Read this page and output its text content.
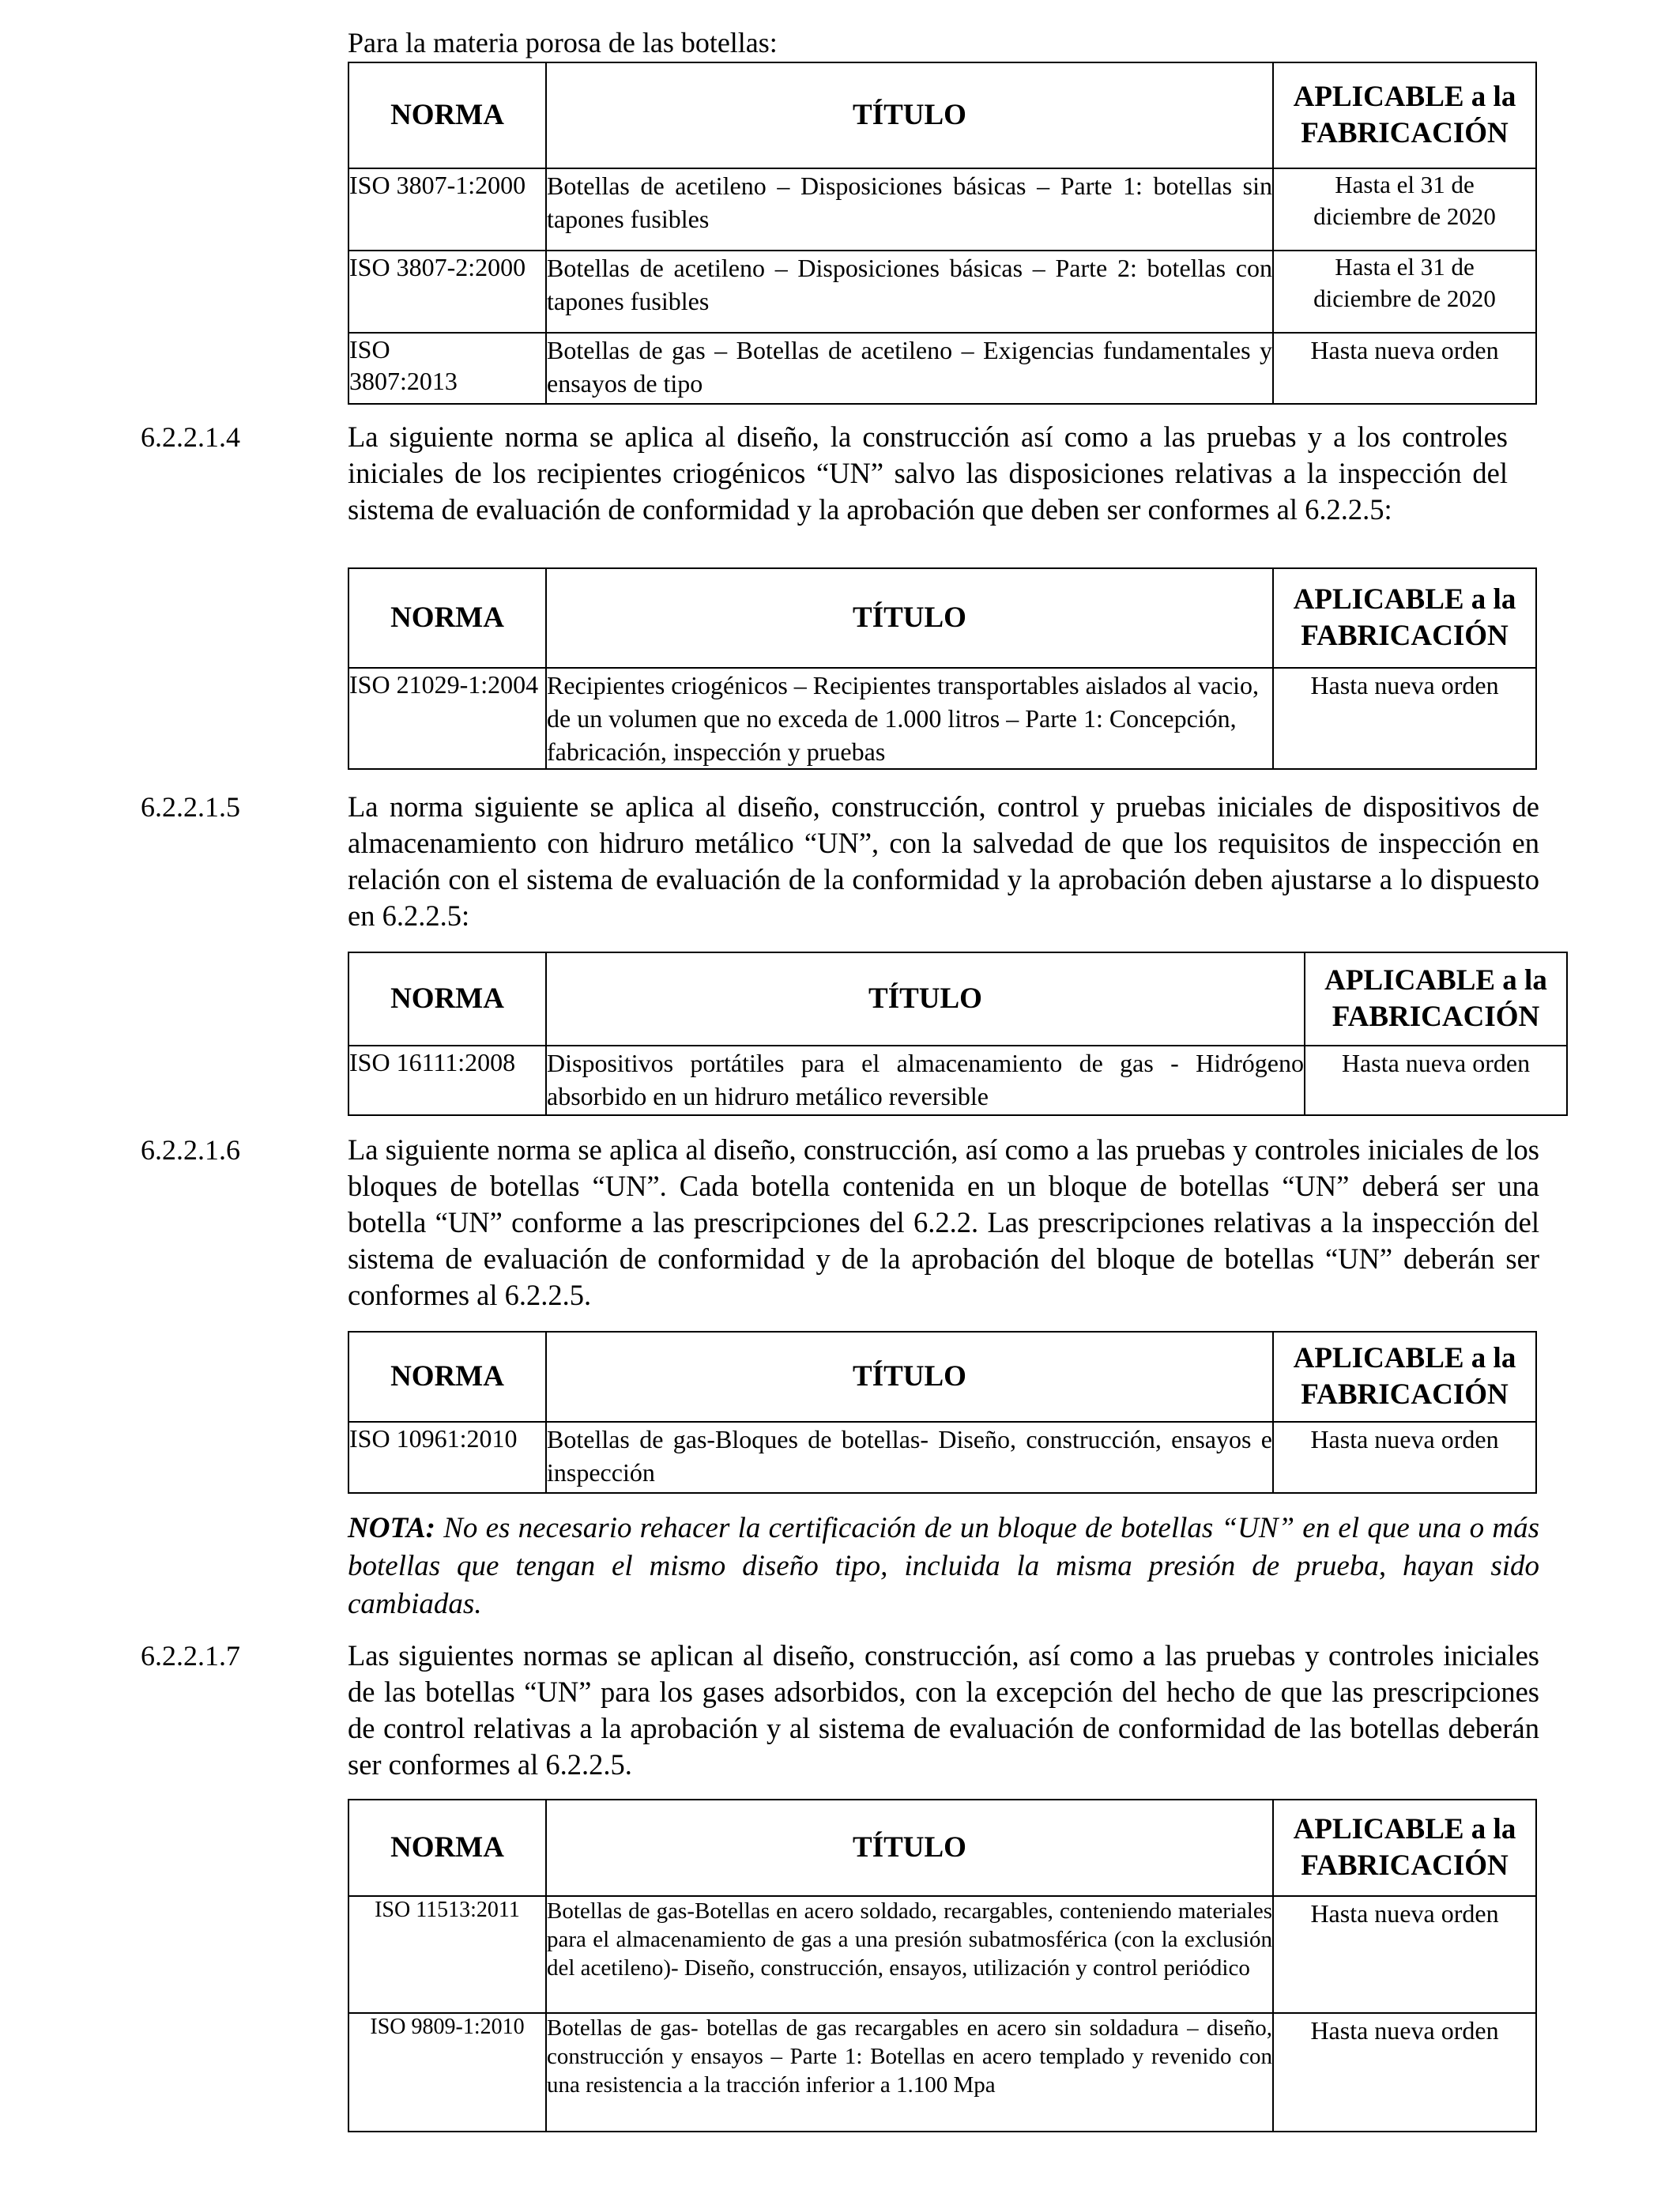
Para la materia porosa de las botellas:
NORMA	TÍTULO	APLICABLE a la
FABRICACIÓN
ISO 3807-1:2000	Botellas de acetileno – Disposiciones básicas – Parte 1: botellas sin tapones fusibles	Hasta el 31 de
diciembre de 2020
ISO 3807-2:2000	Botellas de acetileno – Disposiciones básicas – Parte 2: botellas con tapones fusibles	Hasta el 31 de
diciembre de 2020
ISO
3807:2013	Botellas de gas – Botellas de acetileno – Exigencias fundamentales y ensayos de tipo	Hasta nueva orden
6.2.2.1.4	La siguiente norma se aplica al diseño, la construcción así como a las pruebas y a los controles iniciales de los recipientes criogénicos “UN” salvo las disposiciones relativas a la inspección del sistema de evaluación de conformidad y la aprobación que deben ser conformes al 6.2.2.5:
NORMA	TÍTULO	APLICABLE a la
FABRICACIÓN
ISO 21029-1:2004	Recipientes criogénicos – Recipientes transportables aislados al vacio, de un volumen que no exceda de 1.000 litros – Parte 1: Concepción, fabricación, inspección y pruebas	Hasta nueva orden
6.2.2.1.5	La norma siguiente se aplica al diseño, construcción, control y pruebas iniciales de dispositivos de almacenamiento con hidruro metálico “UN”, con la salvedad de que los requisitos de inspección en relación con el sistema de evaluación de la conformidad y la aprobación deben ajustarse a lo dispuesto en 6.2.2.5:
NORMA	TÍTULO	APLICABLE a la
FABRICACIÓN
ISO 16111:2008	Dispositivos portátiles para el almacenamiento de gas - Hidrógeno absorbido en un hidruro metálico reversible	Hasta nueva orden
6.2.2.1.6	La siguiente norma se aplica al diseño, construcción, así como a las pruebas y controles iniciales de los bloques de botellas “UN”. Cada botella contenida en un bloque de botellas “UN” deberá ser una botella “UN” conforme a las prescripciones del 6.2.2. Las prescripciones relativas a la inspección del sistema de evaluación de conformidad y de la aprobación del bloque de botellas “UN” deberán ser conformes al 6.2.2.5.
NORMA	TÍTULO	APLICABLE a la
FABRICACIÓN
ISO 10961:2010	Botellas de gas-Bloques de botellas- Diseño, construcción, ensayos e inspección	Hasta nueva orden
NOTA: No es necesario rehacer la certificación de un bloque de botellas “UN” en el que una o más botellas que tengan el mismo diseño tipo, incluida la misma presión de prueba, hayan sido cambiadas.
6.2.2.1.7	Las siguientes normas se aplican al diseño, construcción, así como a las pruebas y controles iniciales de las botellas “UN” para los gases adsorbidos, con la excepción del hecho de que las prescripciones de control relativas a la aprobación y al sistema de evaluación de conformidad de las botellas deberán ser conformes al 6.2.2.5.
NORMA	TÍTULO	APLICABLE a la
FABRICACIÓN
ISO 11513:2011	Botellas de gas-Botellas en acero soldado, recargables, conteniendo materiales para el almacenamiento de gas a una presión subatmosférica (con la exclusión del acetileno)- Diseño, construcción, ensayos, utilización y control periódico	Hasta nueva orden
ISO 9809-1:2010	Botellas de gas- botellas de gas recargables en acero sin soldadura – diseño, construcción y ensayos – Parte 1: Botellas en acero templado y revenido con una resistencia a la tracción inferior a 1.100 Mpa	Hasta nueva orden
